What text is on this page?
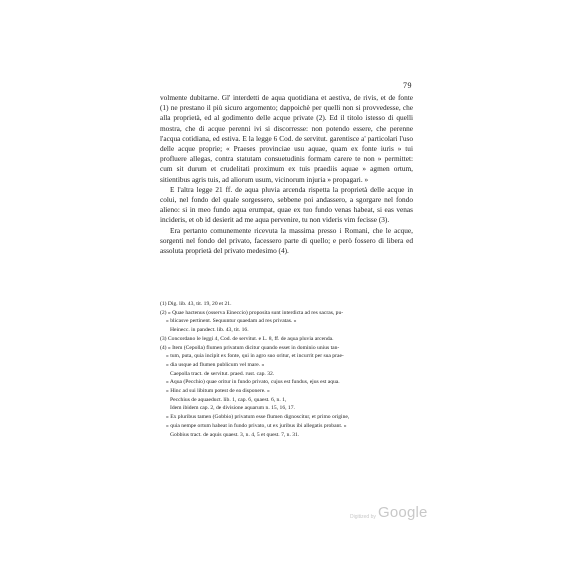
79

volmente dubitarne. Gl' interdetti de aqua quotidiana et aestiva, de rivis, et de fonte (1) ne prestano il più sicuro argomento; dappoichè per quelli non si provvedesse, che alla proprietà, ed al godimento delle acque private (2). Ed il titolo istesso di quelli mostra, che di acque perenni ivi si discorresse: non potendo essere, che perenne l'acqua cotidiana, ed estiva. E la legge 6 Cod. de servitut. garentisce a' particolari l'uso delle acque proprie; « Praeses provinciae usu aquae, quam ex fonte iuris » tui profluere allegas, contra statutam consuetudinis formam carere te non » permittet: cum sit durum et crudelitati proximum ex tuis praediis aquae » agmen ortum, sitientibus agris tuis, ad aliorum usum, vicinorum injuria » propagari. »

E l'altra legge 21 ff. de aqua pluvia arcenda rispetta la proprietà delle acque in colui, nel fondo del quale sorgessero, sebbene poi andassero, a sgorgare nel fondo alieno: si in meo fundo aqua erumpat, quae ex tuo fundo venas habeat, si eas venas incideris, et ob id desierit ad me aqua pervenire, tu non videris vim fecisse (3).

Era pertanto comunemente ricevuta la massima presso i Romani, che le acque, sorgenti nel fondo del privato, facessero parte di quello; e però fossero di libera ed assoluta proprietà del privato medesimo (4).

(1) Dig. lib. 43, tit. 19, 20 et 21.
(2) « Quae hactenus (osserva Eineccio) proposita sunt interdicta ad res sacras, pu-
» blicasve pertinent. Sequuntur quaedam ad res privatas. »
Heinecc. in pandect. lib. 43, tit. 16.
(3) Concordano le leggi 4, Cod. de servitut. e L. 8, ff. de aqua pluvia arcenda.
(4) « Item (Cepolla) flumen privatum dicitur quando esset in dominio unius tan-
» tum, puta, quia incipit ex fonte, qui in agro suo oritur, et incurrit per sua prae-
» dia usque ad flumen publicum vel mare. »
Caepolla tract. de servitut. praed. rust. cap. 32.
» Aqua (Pecchio) quae oritur in fundo privato, cujus est fundus, ejus est aqua.
» Hinc ad sui libitum potest de ea disponere. »
Pecchius de aquaeduct. lib. 1, cap. 6, quaest. 6, n. 1,
Idem ibidem cap. 2, de divisione aquarum n. 15, 16, 17.
» Ex pluribus tamen (Gobbio) privatum esse flumen dignoscitur, et primo origine,
» quia nempe ortum habeat in fundo privato, ut ex juribus ibi allegatis probant. »
Gobbius tract. de aquis quaest. 3, n. 4, 5 et quest. 7, n. 31.
Digitized by Google
